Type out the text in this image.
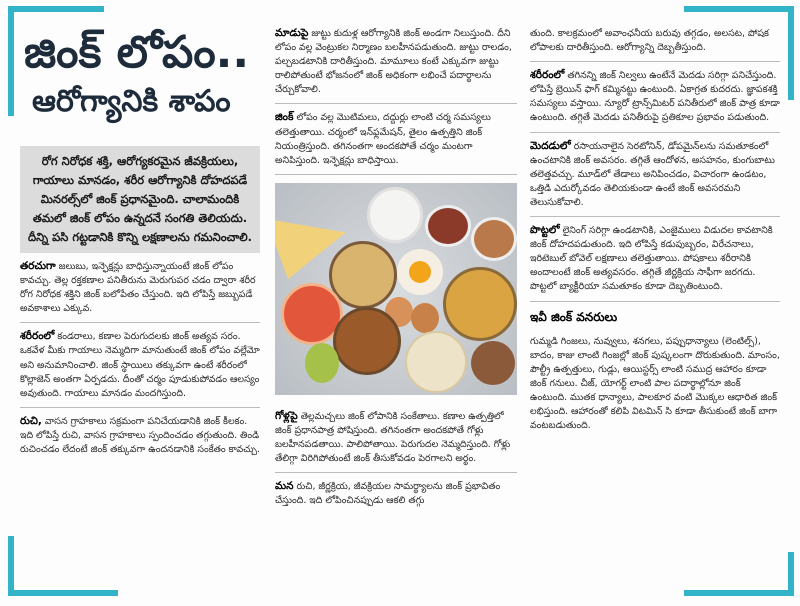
జింక్ లోపం..
ఆరోగ్యానికి శాపం
రోగ నిరోధక శక్తి, ఆరోగ్యకరమైన జీవక్రియలు, గాయాలు మానడం, శరీర ఆరోగ్యానికి దోహదపడే మినరల్స్‌లో జింక్ ప్రధానమైంది. చాలామందికి తమలో జింక్ లోపం ఉన్నదనే సంగతి తెలియదు. దీన్ని పసి గట్టడానికి కొన్ని లక్షణాలను గమనించాలి.

తరచుగా జలుబు, ఇన్ఫెక్షన్లు బాధిస్తున్నాయంటే జింక్ లోపం కావచ్చు. తెల్ల రక్తకణాల పనితీరును మెరుగుపర చడం ద్వారా శరీర రోగ నిరోధక శక్తిని జింక్ బలోపేతం చేస్తుంది. ఇది లోపిస్తే జబ్బుపడే అవకాశాలు ఎక్కువ.

శరీరంలో కండరాలు, కణాల పెరుగుదలకు జింక్ అత్యవ సరం. ఒకవేళ మీకు గాయాలు నెమ్మదిగా మానుతుంటే జింక్ లోపం వల్లేమో అని అనుమానించాలి. జింక్ స్థాయిలు తక్కువగా ఉంటే శరీరంలో కొల్లాజెన్ అంతగా ఏర్పడదు. దీంతో చర్మం పూడుకుపోవడం ఆలస్యం అవుతుంది. గాయాలు మానడం మందగిస్తుంది.

రుచి, వాసన గ్రాహకాలు సక్రమంగా పనిచేయడానికి జింక్ కీలకం. ఇది లోపిస్తే రుచి, వాసన గ్రాహకాలు స్పందించడం తగ్గుతుంది. తిండి రుచించడం లేదంటే జింక్ తక్కువగా ఉందనడానికి సంకేతం కావచ్చు.

మాడుపై జుట్టు కుదుళ్ల ఆరోగ్యానికి జింక్ అండగా నిలుస్తుంది. దీని లోపం వల్ల వెంట్రుకల నిర్మాణం బలహీనపడుతుంది. జుట్టు రాలడం, పల్చబడటానికి దారితీస్తుంది. మామూలు కంటే ఎక్కువగా జుట్టు రాలిపోతుంటే భోజనంలో జింక్ అధికంగా లభించే పదార్థాలను చేర్చుకోవాలి.

జింక్ లోపం వల్ల మొటిమలు, దద్దుర్లు లాంటి చర్మ సమస్యలు తలెత్తుతాయి. చర్మంలో ఇన్‌ఫ్లమేషన్, తైలం ఉత్పత్తిని జింక్ నియంత్రిస్తుంది. తగినంతగా అందకపోతే చర్మం మంటగా అనిపిస్తుంది. ఇన్ఫెక్షన్లు బాధిస్తాయి.

గోళ్లపై తెల్లమచ్చలు జింక్ లోపానికి సంకేతాలు. కణాల ఉత్పత్తిలో జింక్ ప్రధానపాత్ర పోషిస్తుంది. తగినంతగా అందకపోతే గోళ్లు బలహీనపడతాయి. పాలిపోతాయి. పెరుగుదల నెమ్మదిస్తుంది. గోళ్లు తేలిగ్గా విరిగిపోతుంటే జింక్ తీసుకోవడం పెరగాలని అర్థం.

మన రుచి, జీర్ణక్రియ, జీవక్రియల సామర్థ్యాలను జింక్ ప్రభావితం చేస్తుంది. ఇది లోపించినప్పుడు ఆకలి తగ్గు

తుంది. కాలక్రమంలో అవాంఛనీయ బరువు తగ్గడం, అలసట, పోషక లోపాలకు దారితీస్తుంది. ఆరోగ్యాన్ని దెబ్బతీస్తుంది.

శరీరంలో తగినన్ని జింక్ నిల్వలు ఉంటేనే మెదడు సరిగ్గా పనిచేస్తుంది. లోపిస్తే బ్రెయిన్ ఫాగ్ కమ్మినట్టు ఉంటుంది. ఏకాగ్రత కుదరదు. జ్ఞాపకశక్తి సమస్యలు వస్తాయి. న్యూరో ట్రాన్స్‌మిటర్ పనితీరులో జింక్ పాత్ర కూడా ఉంటుంది. తగ్గితే మెదడు పనితీరుపై ప్రతికూల ప్రభావం పడుతుంది.

మెదడులో రసాయనాలైన సెరటోనిన్, డోపమైన్‌లను సమతూకంలో ఉంచటానికి జింక్ అవసరం. తగ్గితే ఆందోళన, అసహనం, కుంగుబాటు తలెత్తవచ్చు. మూడ్‌లో తేడాలు అనిపించడం, విచారంగా ఉండటం, ఒత్తిడి ఎదుర్కోవడం తెలియకుండా ఉంటే జింక్ అవసరమని తెలుసుకోవాలి.

పొట్టలో లైనింగ్ సరిగ్గా ఉండటానికి, ఎంజైములు విడుదల కావటానికి జింక్ దోహదపడుతుంది. ఇది లోపిస్తే కడుపుబ్బరం, విరేచనాలు, ఇరిటెబుల్ బోవెల్ లక్షణాలు తలెత్తుతాయి. పోషకాలు శరీరానికి అందాలంటే జింక్ అత్యవసరం. తగ్గితే జీర్ణక్రియ సాఫీగా జరగదు. పొట్టలో బ్యాక్టీరియా సమతూకం కూడా దెబ్బతింటుంది.

ఇవీ జింక్ వనరులు

గుమ్మడి గింజలు, నువ్వులు, శనగలు, పప్పుధాన్యాలు (లెంటిల్స్), బాదం, కాజు లాంటి గింజల్లో జింక్ పుష్కలంగా దొరుకుతుంది. మాంసం, పౌల్ట్రీ ఉత్పత్తులు, గుడ్లు, ఆయిస్టర్స్ లాంటి సముద్ర ఆహారం కూడా జింక్ గనులు. చీజ్, యోగర్ట్ లాంటి పాల పదార్థాల్లోనూ జింక్ ఉంటుంది. ముతక ధాన్యాలు, పాలకూర వంటి మొక్కల ఆధారిత జింక్ లభిస్తుంది. ఆహారంతో కలిపి విటమిన్ సి కూడా తీసుకుంటే జింక్ బాగా వంటబడుతుంది.
